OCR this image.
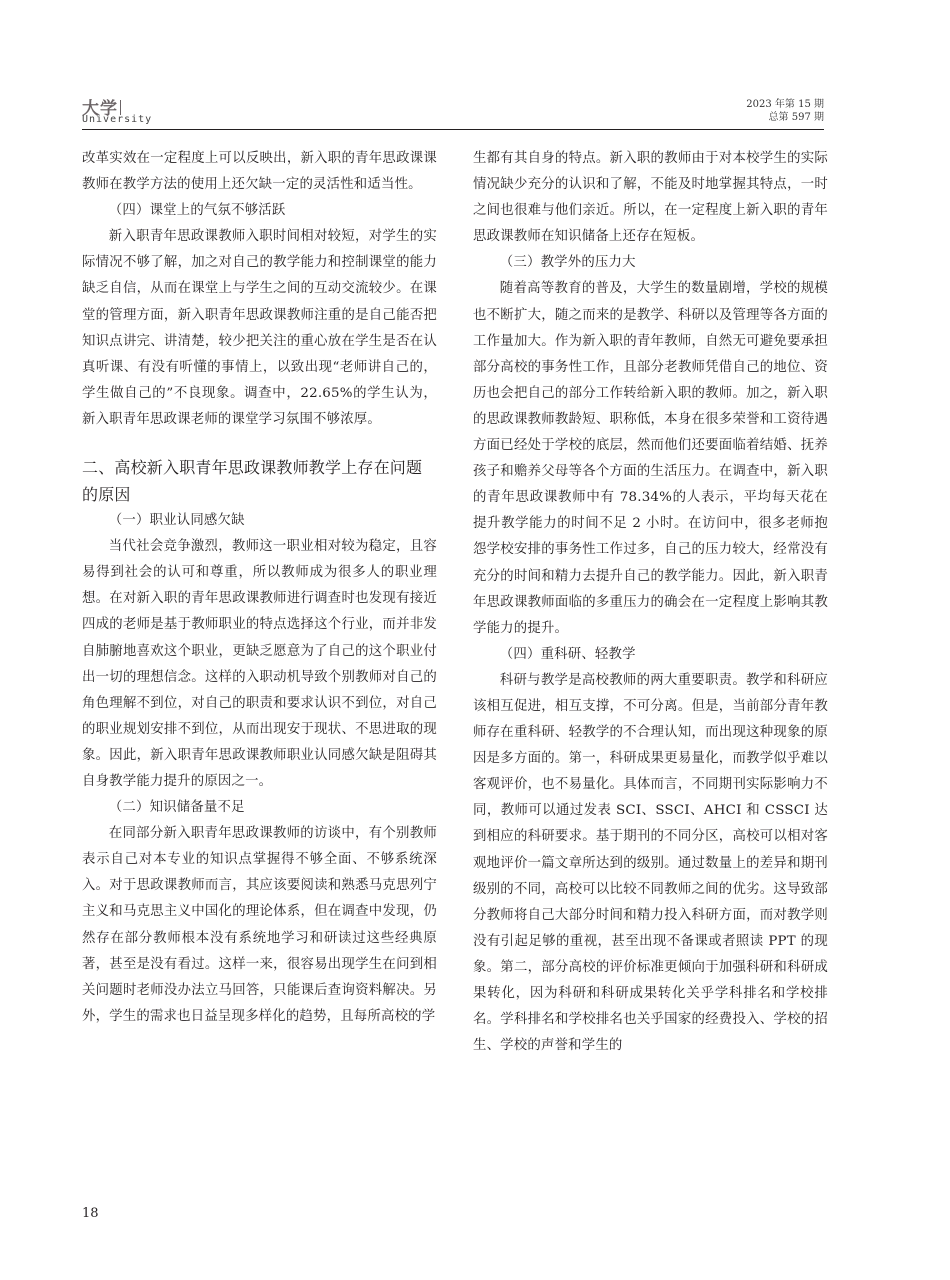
大学
University
2023 年第 15 期
总第 597 期

改革实效在一定程度上可以反映出，新入职的青年思政课课教师在教学方法的使用上还欠缺一定的灵活性和适当性。

（四）课堂上的气氛不够活跃

新入职青年思政课教师入职时间相对较短，对学生的实际情况不够了解，加之对自己的教学能力和控制课堂的能力缺乏自信，从而在课堂上与学生之间的互动交流较少。在课堂的管理方面，新入职青年思政课教师注重的是自己能否把知识点讲完、讲清楚，较少把关注的重心放在学生是否在认真听课、有没有听懂的事情上，以致出现“老师讲自己的，学生做自己的”不良现象。调查中，22.65%的学生认为，新入职青年思政课老师的课堂学习氛围不够浓厚。

二、高校新入职青年思政课教师教学上存在问题的原因

（一）职业认同感欠缺

当代社会竞争激烈，教师这一职业相对较为稳定，且容易得到社会的认可和尊重，所以教师成为很多人的职业理想。在对新入职的青年思政课教师进行调查时也发现有接近四成的老师是基于教师职业的特点选择这个行业，而并非发自肺腑地喜欢这个职业，更缺乏愿意为了自己的这个职业付出一切的理想信念。这样的入职动机导致个别教师对自己的角色理解不到位，对自己的职责和要求认识不到位，对自己的职业规划安排不到位，从而出现安于现状、不思进取的现象。因此，新入职青年思政课教师职业认同感欠缺是阻碍其自身教学能力提升的原因之一。

（二）知识储备量不足

在同部分新入职青年思政课教师的访谈中，有个别教师表示自己对本专业的知识点掌握得不够全面、不够系统深入。对于思政课教师而言，其应该要阅读和熟悉马克思列宁主义和马克思主义中国化的理论体系，但在调查中发现，仍然存在部分教师根本没有系统地学习和研读过这些经典原著，甚至是没有看过。这样一来，很容易出现学生在问到相关问题时老师没办法立马回答，只能课后查询资料解决。另外，学生的需求也日益呈现多样化的趋势，且每所高校的学

生都有其自身的特点。新入职的教师由于对本校学生的实际情况缺少充分的认识和了解，不能及时地掌握其特点，一时之间也很难与他们亲近。所以，在一定程度上新入职的青年思政课教师在知识储备上还存在短板。

（三）教学外的压力大

随着高等教育的普及，大学生的数量剧增，学校的规模也不断扩大，随之而来的是教学、科研以及管理等各方面的工作量加大。作为新入职的青年教师，自然无可避免要承担部分高校的事务性工作，且部分老教师凭借自己的地位、资历也会把自己的部分工作转给新入职的教师。加之，新入职的思政课教师教龄短、职称低，本身在很多荣誉和工资待遇方面已经处于学校的底层，然而他们还要面临着结婚、抚养孩子和赡养父母等各个方面的生活压力。在调查中，新入职的青年思政课教师中有 78.34%的人表示，平均每天花在提升教学能力的时间不足 2 小时。在访问中，很多老师抱怨学校安排的事务性工作过多，自己的压力较大，经常没有充分的时间和精力去提升自己的教学能力。因此，新入职青年思政课教师面临的多重压力的确会在一定程度上影响其教学能力的提升。

（四）重科研、轻教学

科研与教学是高校教师的两大重要职责。教学和科研应该相互促进，相互支撑，不可分离。但是，当前部分青年教师存在重科研、轻教学的不合理认知，而出现这种现象的原因是多方面的。第一，科研成果更易量化，而教学似乎难以客观评价，也不易量化。具体而言，不同期刊实际影响力不同，教师可以通过发表 SCI、SSCI、AHCI 和 CSSCI 达到相应的科研要求。基于期刊的不同分区，高校可以相对客观地评价一篇文章所达到的级别。通过数量上的差异和期刊级别的不同，高校可以比较不同教师之间的优劣。这导致部分教师将自己大部分时间和精力投入科研方面，而对教学则没有引起足够的重视，甚至出现不备课或者照读 PPT 的现象。第二，部分高校的评价标准更倾向于加强科研和科研成果转化，因为科研和科研成果转化关乎学科排名和学校排名。学科排名和学校排名也关乎国家的经费投入、学校的招生、学校的声誉和学生的

18
